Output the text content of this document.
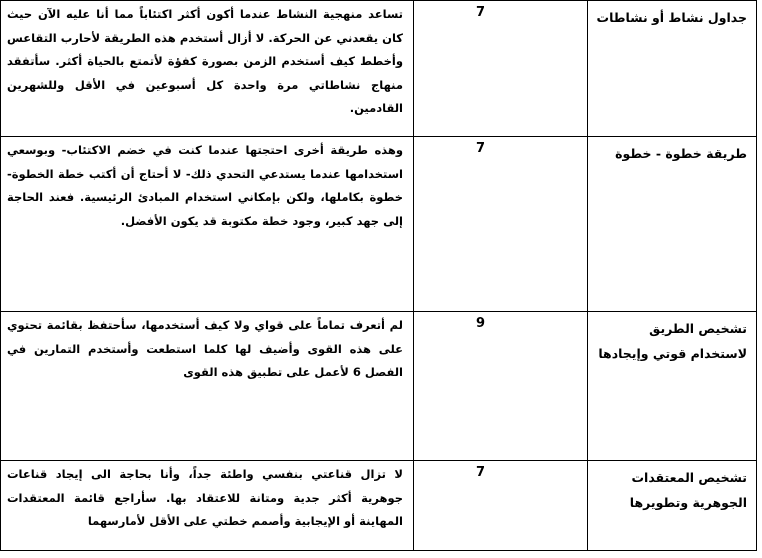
جداول نشاط أو نشاطات	7	تساعد منهجية النشاط عندما أكون أكثر اكتئاباً مما أنا عليه الآن حيث كان يقعدني عن الحركة. لا أزال أستخدم هذه الطريقة لأحارب التقاعس وأخطط كيف أستخدم الزمن بصورة كفؤة لأتمتع بالحياة أكثر. سأتفقد منهاج نشاطاتي مرة واحدة كل أسبوعين في الأقل وللشهرين القادمين.

طريقة خطوة - خطوة	7	وهذه طريقة أخرى احتجتها عندما كنت في خضم الاكتئاب- وبوسعي استخدامها عندما يستدعي التحدي ذلك- لا أحتاج أن أكتب خطة الخطوة- خطوة بكاملها، ولكن بإمكاني استخدام المبادئ الرئيسية. فعند الحاجة إلى جهد كبير، وجود خطة مكتوبة قد يكون الأفضل.

تشخيص الطريق لاستخدام قوتي وإيجادها	9	لم أتعرف تماماً على قواي ولا كيف أستخدمها، سأحتفظ بقائمة تحتوي على هذه القوى وأضيف لها كلما استطعت وأستخدم التمارين في الفصل 6 لأعمل على تطبيق هذه القوى

تشخيص المعتقدات الجوهرية وتطويرها	7	لا تزال قناعتي بنفسي واطئة جداً، وأنا بحاجة الى إيجاد قناعات جوهرية أكثر جدية ومتانة للاعتقاد بها. سأراجع قائمة المعتقدات المهاينة أو الإيجابية وأصمم خطتي على الأقل لأمارسهما
